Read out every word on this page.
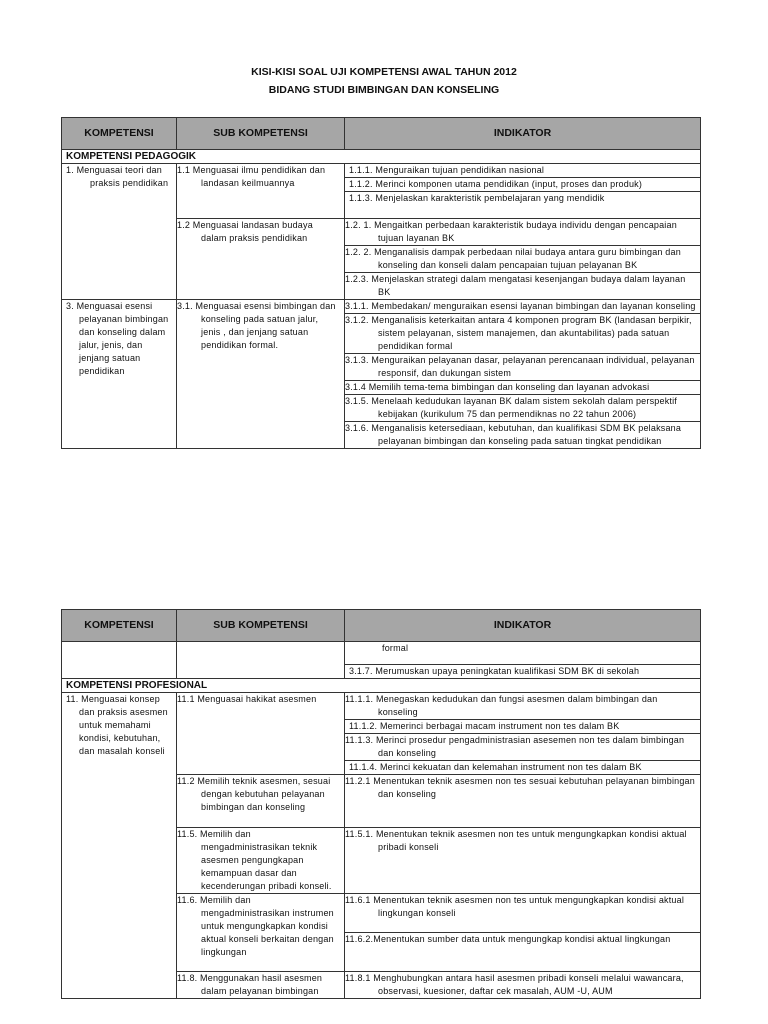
KISI-KISI SOAL UJI KOMPETENSI AWAL TAHUN 2012
BIDANG STUDI BIMBINGAN DAN KONSELING
KOMPETENSI	SUB KOMPETENSI	INDIKATOR
KOMPETENSI PEDAGOGIK		
1. Menguasai teori dan praksis pendidikan	1.1 Menguasai ilmu pendidikan dan landasan keilmuannya	1.1.1. Menguraikan tujuan pendidikan nasional
		1.1.2. Merinci komponen utama pendidikan (input, proses dan produk)
		1.1.3. Menjelaskan karakteristik pembelajaran yang mendidik
	1.2 Menguasai landasan budaya dalam praksis pendidikan	1.2. 1. Mengaitkan perbedaan karakteristik budaya individu dengan pencapaian tujuan layanan BK
		1.2. 2. Menganalisis dampak perbedaan nilai budaya antara guru bimbingan dan konseling dan konseli dalam pencapaian tujuan pelayanan BK
		1.2.3. Menjelaskan strategi dalam mengatasi kesenjangan budaya dalam layanan BK
3. Menguasai esensi pelayanan bimbingan dan konseling dalam jalur, jenis, dan jenjang satuan pendidikan	3.1. Menguasai esensi bimbingan dan konseling pada satuan jalur, jenis , dan jenjang satuan pendidikan formal.	3.1.1. Membedakan/ menguraikan esensi layanan bimbingan dan layanan konseling
		3.1.2. Menganalisis keterkaitan antara 4 komponen program BK (landasan berpikir, sistem pelayanan, sistem manajemen, dan akuntabilitas) pada satuan pendidikan formal
		3.1.3. Menguraikan pelayanan dasar, pelayanan perencanaan individual, pelayanan responsif, dan dukungan sistem
		3.1.4 Memilih tema-tema bimbingan dan konseling dan layanan advokasi
		3.1.5. Menelaah kedudukan layanan BK dalam sistem sekolah dalam perspektif kebijakan (kurikulum 75 dan permendiknas no 22 tahun 2006)
		3.1.6. Menganalisis ketersediaan, kebutuhan, dan kualifikasi SDM BK pelaksana pelayanan bimbingan dan konseling pada satuan tingkat pendidikan
KOMPETENSI	SUB KOMPETENSI	INDIKATOR
		formal
		3.1.7. Merumuskan upaya peningkatan kualifikasi SDM BK di sekolah
KOMPETENSI PROFESIONAL		
11. Menguasai konsep dan praksis asesmen untuk memahami kondisi, kebutuhan, dan masalah konseli	11.1 Menguasai hakikat asesmen	11.1.1. Menegaskan kedudukan dan fungsi asesmen dalam bimbingan dan konseling
		11.1.2. Memerinci berbagai macam instrument non tes dalam BK
		11.1.3. Merinci prosedur pengadministrasian asesemen non tes dalam bimbingan dan konseling
		11.1.4. Merinci kekuatan dan kelemahan instrument non tes dalam BK
	11.2 Memilih teknik asesmen, sesuai dengan kebutuhan pelayanan bimbingan dan konseling	11.2.1 Menentukan teknik asesmen non tes sesuai kebutuhan pelayanan bimbingan dan konseling
	11.5. Memilih dan mengadministrasikan teknik asesmen pengungkapan kemampuan dasar dan kecenderungan pribadi konseli.	11.5.1. Menentukan teknik asesmen non tes untuk mengungkapkan kondisi aktual pribadi konseli
	11.6. Memilih dan mengadministrasikan instrumen untuk mengungkapkan kondisi aktual konseli berkaitan dengan lingkungan	11.6.1 Menentukan teknik asesmen non tes untuk mengungkapkan kondisi aktual lingkungan konseli
		11.6.2.Menentukan sumber data untuk mengungkap kondisi aktual lingkungan
	11.8. Menggunakan hasil asesmen dalam pelayanan bimbingan	11.8.1 Menghubungkan antara hasil asesmen pribadi konseli melalui wawancara, observasi, kuesioner, daftar cek masalah, AUM -U, AUM
